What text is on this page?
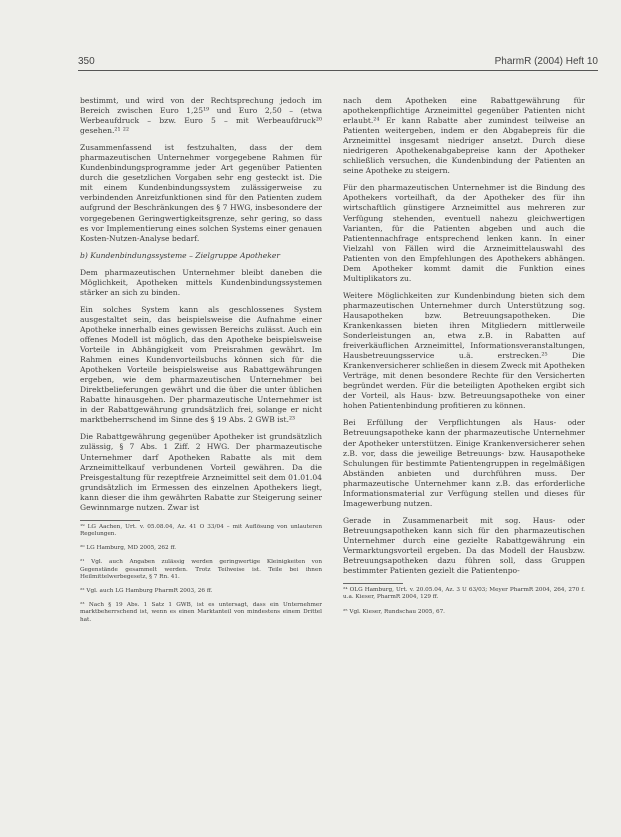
350	PharmR (2004) Heft 10

bestimmt, und wird von der Rechtsprechung jedoch im Bereich zwischen Euro 1,25¹⁹ und Euro 2,50 – (etwa Werbeaufdruck – bzw. Euro 5 – mit Werbeaufdruck²⁰ gesehen.²¹ ²²

Zusammenfassend ist festzuhalten, dass der dem pharmazeutischen Unternehmer vorgegebene Rahmen für Kundenbindungsprogramme jeder Art gegenüber Patienten durch die gesetzlichen Vorgaben sehr eng gesteckt ist. Die mit einem Kundenbindungssystem zulässigerweise zu verbindenden Anreizfunktionen sind für den Patienten zudem aufgrund der Beschränkungen des § 7 HWG, insbesondere der vorgegebenen Geringwertigkeitsgrenze, sehr gering, so dass es vor Implementierung eines solchen Systems einer genauen Kosten-Nutzen-Analyse bedarf.

b) Kundenbindungssysteme – Zielgruppe Apotheker

Dem pharmazeutischen Unternehmer bleibt daneben die Möglichkeit, Apotheken mittels Kundenbindungssystemen stärker an sich zu binden.

Ein solches System kann als geschlossenes System ausgestaltet sein, das beispielsweise die Aufnahme einer Apotheke innerhalb eines gewissen Bereichs zulässt. Auch ein offenes Modell ist möglich, das den Apotheke beispielsweise Vorteile in Abhängigkeit vom Preisrahmen gewährt. Im Rahmen eines Kundenvorteilsbuchs können sich für die Apotheken Vorteile beispielsweise aus Rabattgewährungen ergeben, wie dem pharmazeutischen Unternehmer bei Direktbelieferungen gewährt und die über die unter üblichen Rabatte hinausgehen. Der pharmazeutische Unternehmer ist in der Rabattgewährung grundsätzlich frei, solange er nicht marktbeherrschend im Sinne des § 19 Abs. 2 GWB ist.²³

Die Rabattgewährung gegenüber Apotheker ist grundsätzlich zulässig, § 7 Abs. 1 Ziff. 2 HWG. Der pharmazeutische Unternehmer darf Apotheken Rabatte als mit dem Arzneimittelkauf verbundenen Vorteil gewähren. Da die Preisgestaltung für rezeptfreie Arzneimittel seit dem 01.01.04 grundsätzlich im Ermessen des einzelnen Apothekers liegt, kann dieser die ihm gewährten Rabatte zur Steigerung seiner Gewinnmarge nutzen. Zwar ist

¹⁹ LG Aachen, Urt. v. 05.08.04, Az. 41 O 33/04 – mit Auflösung von unlauteren Regelungen.

²⁰ LG Hamburg, MD 2005, 262 ff.

²¹ Vgl. auch Angaben zulässig werden geringwertige Kleinigkeiten von Gegenstände gesammelt werden. Trotz Teilweise ist. Teile bei ihnen Heilmittelwerbegesetz, § 7 Rn. 41.

²² Vgl. auch LG Hamburg PharmR 2003, 26 ff.

²³ Nach § 19 Abs. 1 Satz 1 GWB, ist es untersagt, dass ein Unternehmer marktbeherrschend ist, wenn es einen Marktanteil von mindestens einem Drittel hat.

nach dem Apotheken eine Rabattgewährung für apothekenpflichtige Arzneimittel gegenüber Patienten nicht erlaubt.²⁴ Er kann Rabatte aber zumindest teilweise an Patienten weitergeben, indem er den Abgabepreis für die Arzneimittel insgesamt niedriger ansetzt. Durch diese niedrigeren Apothekenabgabepreise kann der Apotheker schließlich versuchen, die Kundenbindung der Patienten an seine Apotheke zu steigern.

Für den pharmazeutischen Unternehmer ist die Bindung des Apothekers vorteilhaft, da der Apotheker des für ihn wirtschaftlich günstigere Arzneimittel aus mehreren zur Verfügung stehenden, eventuell nahezu gleichwertigen Varianten, für die Patienten abgeben und auch die Patientennachfrage entsprechend lenken kann. In einer Vielzahl von Fällen wird die Arzneimittelauswahl des Patienten von den Empfehlungen des Apothekers abhängen. Dem Apotheker kommt damit die Funktion eines Multiplikators zu.

Weitere Möglichkeiten zur Kundenbindung bieten sich dem pharmazeutischen Unternehmer durch Unterstützung sog. Hausapotheken bzw. Betreuungsapotheken. Die Krankenkassen bieten ihren Mitgliedern mittlerweile Sonderleistungen an, etwa z.B. in Rabatten auf freiverkäuflichen Arzneimittel, Informationsveranstaltungen, Hausbetreuungsservice u.ä. erstrecken.²⁵ Die Krankenversicherer schließen in diesem Zweck mit Apotheken Verträge, mit denen besondere Rechte für den Versicherten begründet werden. Für die beteiligten Apotheken ergibt sich der Vorteil, als Haus- bzw. Betreuungsapotheke von einer hohen Patientenbindung profitieren zu können.

Bei Erfüllung der Verpflichtungen als Haus- oder Betreuungsapotheke kann der pharmazeutische Unternehmer der Apotheker unterstützen. Einige Krankenversicherer sehen z.B. vor, dass die jeweilige Betreuungs- bzw. Hausapotheke Schulungen für bestimmte Patientengruppen in regelmäßigen Abständen anbieten und durchführen muss. Der pharmazeutische Unternehmer kann z.B. das erforderliche Informationsmaterial zur Verfügung stellen und dieses für Imagewerbung nutzen.

Gerade in Zusammenarbeit mit sog. Haus- oder Betreuungsapotheken kann sich für den pharmazeutischen Unternehmer durch eine gezielte Rabattgewährung ein Vermarktungsvorteil ergeben. Da das Modell der Hausbzw. Betreuungsapotheken dazu führen soll, dass Gruppen bestimmter Patienten gezielt die Patientenpo-

²⁴ OLG Hamburg, Urt. v. 20.05.04, Az. 3 U 63/03; Meyer PharmR 2004, 264, 270 f. u.a. Kieser, PharmR 2004, 129 ff.

²⁵ Vgl. Kieser, Rundschau 2005, 67.
